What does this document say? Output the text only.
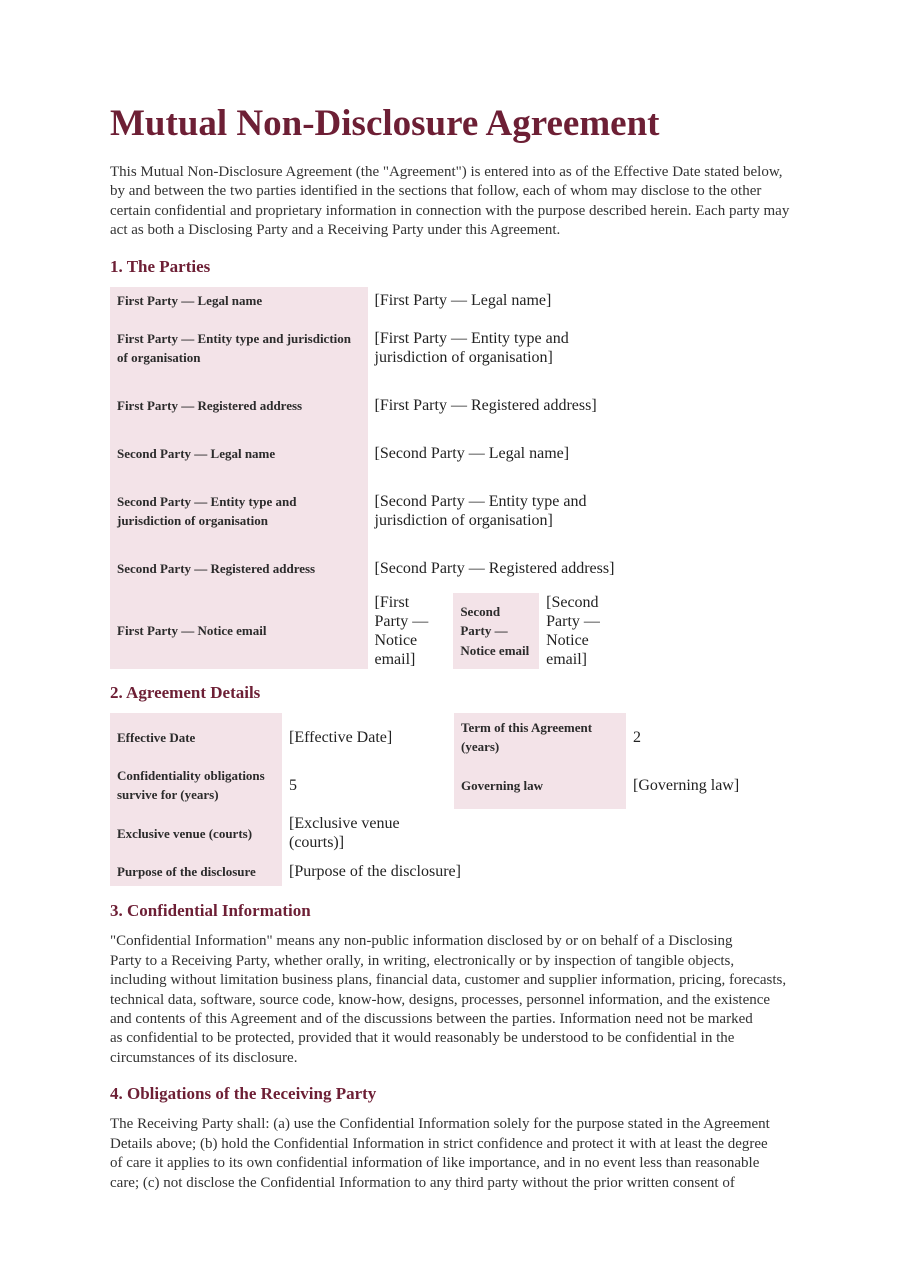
Mutual Non-Disclosure Agreement

This Mutual Non-Disclosure Agreement (the "Agreement") is entered into as of the Effective Date stated below, by and between the two parties identified in the sections that follow, each of whom may disclose to the other certain confidential and proprietary information in connection with the purpose described herein. Each party may act as both a Disclosing Party and a Receiving Party under this Agreement.

1. The Parties
First Party — Legal name	[First Party — Legal name]		
First Party — Entity type and jurisdiction of organisation	[First Party — Entity type and jurisdiction of organisation]		
First Party — Registered address	[First Party — Registered address]		
Second Party — Legal name	[Second Party — Legal name]		
Second Party — Entity type and jurisdiction of organisation	[Second Party — Entity type and jurisdiction of organisation]		
Second Party — Registered address	[Second Party — Registered address]		
First Party — Notice email	[First Party — Notice email]	Second Party — Notice email	[Second Party — Notice email]
2. Agreement Details
Effective Date	[Effective Date]	Term of this Agreement (years)	2
Confidentiality obligations survive for (years)	5	Governing law	[Governing law]
Exclusive venue (courts)	[Exclusive venue (courts)]		
Purpose of the disclosure	[Purpose of the disclosure]		
3. Confidential Information

"Confidential Information" means any non-public information disclosed by or on behalf of a Disclosing
Party to a Receiving Party, whether orally, in writing, electronically or by inspection of tangible objects,
including without limitation business plans, financial data, customer and supplier information, pricing, forecasts,
technical data, software, source code, know-how, designs, processes, personnel information, and the existence
and contents of this Agreement and of the discussions between the parties. Information need not be marked
as confidential to be protected, provided that it would reasonably be understood to be confidential in the
circumstances of its disclosure.

4. Obligations of the Receiving Party

The Receiving Party shall: (a) use the Confidential Information solely for the purpose stated in the Agreement
Details above; (b) hold the Confidential Information in strict confidence and protect it with at least the degree
of care it applies to its own confidential information of like importance, and in no event less than reasonable
care; (c) not disclose the Confidential Information to any third party without the prior written consent of
